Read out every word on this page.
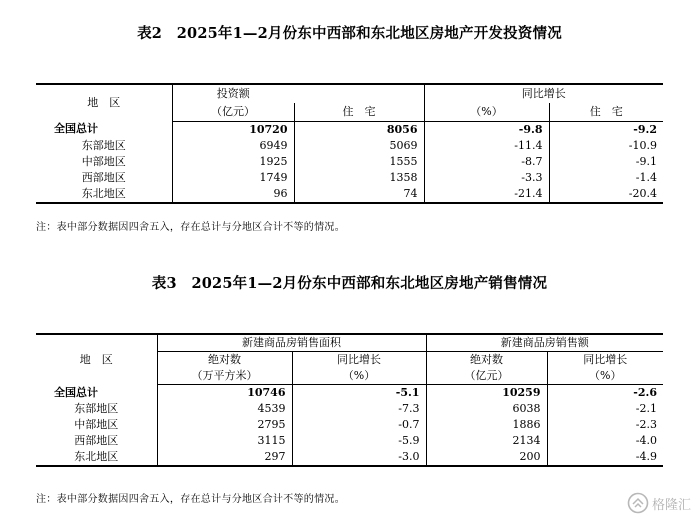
表2　2025年1—2月份东中西部和东北地区房地产开发投资情况
地　区	投资额		同比增长	
	（亿元）	住　宅	（%）	住　宅
全国总计	10720	8056	-9.8	-9.2
东部地区	6949	5069	-11.4	-10.9
中部地区	1925	1555	-8.7	-9.1
西部地区	1749	1358	-3.3	-1.4
东北地区	96	74	-21.4	-20.4
注：表中部分数据因四舍五入，存在总计与分地区合计不等的情况。
表3　2025年1—2月份东中西部和东北地区房地产销售情况
地　区	新建商品房销售面积		新建商品房销售额	
	绝对数	同比增长	绝对数	同比增长
	（万平方米）	（%）	（亿元）	（%）
全国总计	10746	-5.1	10259	-2.6
东部地区	4539	-7.3	6038	-2.1
中部地区	2795	-0.7	1886	-2.3
西部地区	3115	-5.9	2134	-4.0
东北地区	297	-3.0	200	-4.9
注：表中部分数据因四舍五入，存在总计与分地区合计不等的情况。	格隆汇
